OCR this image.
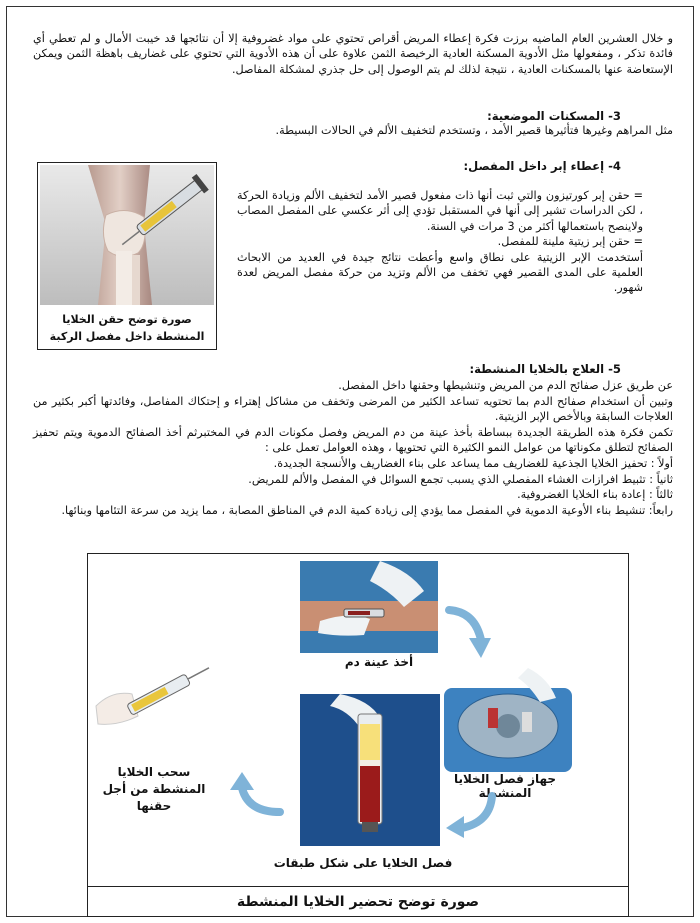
و خلال العشرين العام الماضيه برزت فكرة إعطاء المريض أقراص تحتوي على مواد غضروفية إلا أن نتائجها قد خيبت الأمال و لم تعطي أي فائدة تذكر ، ومفعولها مثل الأدوية المسكنة العادية الرخيصة الثمن علاوة على أن هذه الأدوية التي تحتوي على غضاريف باهظة الثمن ويمكن الإستعاضة عنها بالمسكنات العادية ، نتيجة لذلك لم يتم الوصول إلى حل جذري لمشكلة المفاصل.
3- المسكنات الموضعية:
مثل المراهم وغيرها فتأثيرها قصير الأمد ، وتستخدم لتخفيف الألم في الحالات البسيطة.
4- إعطاء إبر داخل المفصل:
= حقن إبر كورتيزون والتي ثبت أنها ذات مفعول قصير الأمد لتخفيف الألم وزيادة الحركة ، لكن الدراسات تشير إلى أنها في المستقبل تؤدي إلى أثر عكسي على المفصل المصاب ولاينصح باستعمالها أكثر من 3 مرات في السنة.
= حقن إبر زيتية ملينة للمفصل.
أستخدمت الإبر الزيتية على نطاق واسع وأعطت نتائج جيدة في العديد من الابحاث العلمية على المدى القصير فهي تخفف من الألم وتزيد من حركة مفصل المريض لعدة شهور.
صورة توضح حقن الخلايا المنشطة داخل مفصل الركبة
5- العلاج بالخلايا المنشطة:
عن طريق عزل صفائح الدم من المريض وتنشيطها وحقنها داخل المفصل.
وتبين أن استخدام صفائح الدم بما تحتويه تساعد الكثير من المرضى وتخفف من مشاكل إهتراء و إحتكاك المفاصل، وفائدتها أكبر بكثير من العلاجات السابقة وبالأخص الإبر الزيتية.
تكمن فكرة هذه الطريقة الجديدة ببساطة بأخذ عينة من دم المريض وفصل مكونات الدم في المختبرثم أخذ الصفائح الدموية ويتم تحفيز الصفائح لتطلق مكوناتها من عوامل النمو الكثيرة التي تحتويها ، وهذه العوامل تعمل على :
أولاً : تحفيز الخلايا الجذعية للغضاريف مما يساعد على بناء الغضاريف والأنسجة الجديدة.
ثانياً : تثبيط افرازات الغشاء المفصلي الذي يسبب تجمع السوائل في المفصل والألم للمريض.
ثالثاً : إعادة بناء الخلايا الغضروفية.
رابعاً: تنشيط بناء الأوعية الدموية في المفصل مما يؤدي إلى زيادة كمية الدم في المناطق المصابة ، مما يزيد من سرعة التئامها وبنائها.
أخذ عينة دم
جهاز فصل الخلايا المنشطة
فصل الخلايا على شكل طبقات
سحب الخلايا المنشطة من أجل حقنها
صورة توضح تحضير الخلايا المنشطة
